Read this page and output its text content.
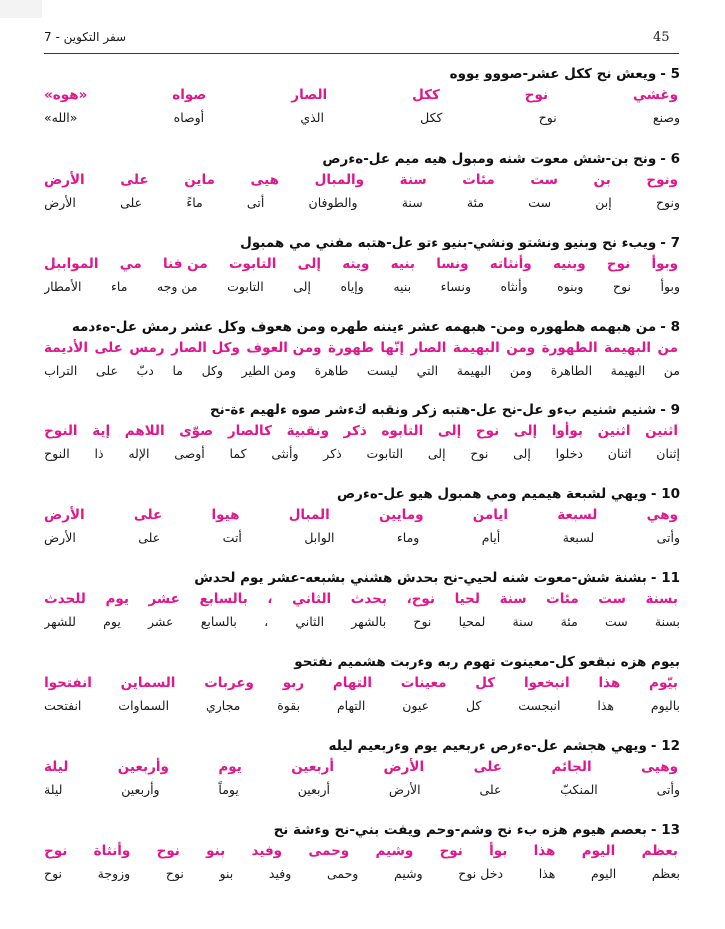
45
سفر التكوين - 7
5 -ويعش نح ككل عشر-صووو يووه
وغشي
نوح
ككل
الصار
صواه
«هوه»
وصنع
نوح
ككل
الذي
أوصاه
«الله»
6 -ونح بن-شش معوت شنه ومبول هيه ميم عل-هءرص
ونوح
بن
ست
مئات
سنة
والمبال
هيى
ماين
على
الأرض
ونوح
إبن
ست
مئة
سنة
والطوفان
أتى
ماءً
على
الأرض
7 -ويبء نح وبنيو ونشتو ونشي-بنيو ءتو عل-هتبه مفني مي همبول
وبوأ
نوح
وبنيه
وأنثاته
ونسا
بنيه
ويته
إلى
التابوت
من فنا
مي
المواببل
وبوأ
نوح
وبنوه
وأنثاه
ونساء
بنيه
وإياه
إلى
التابوت
من وجه
ماء
الأمطار
8 -من هبهمه هطهوره ومن- هبهمه عشر ءيننه طهره ومن هعوف وكل عشر رمش عل-هءدمه
من
البهيمة
الطهورة
ومن
البهيمة
الصار
إنّها
طهورة
ومن العوف
وكل الصار
رمس
على
الأديمة
من
البهيمة
الطاهرة
ومن
البهيمة
التي
ليست
طاهرة
ومن الطير
وكل
ما
دبّ
على
التراب
9 -شنيم شنيم بءو عل-نح عل-هتبه زكر ونقبه كءشر صوه ءلهيم ءة-نح
اثنين
اثنين
بوأوا
إلى
نوح
إلى
التابوه
ذكر
ونقبية
كالصار
صوّى
اللاهم
إية
النوح
إثنان
اثنان
دخلوا
إلى
نوح
إلى
التابوت
ذكر
وأنثى
كما
أوصى
الإله
ذا
النوح
10 -ويهي لشبعة هيميم ومي همبول هيو عل-هءرص
وهي
لسبعة
ايامن
ومايين
المبال
هيوا
على
الأرض
وأتى
لسبعة
أيام
وماء
الوابل
أتت
على
الأرض
11 -بشنة شش-معوت شنه لحيي-نح بحدش هشني بشبعه-عشر يوم لحدش
بسنة
ست
مئات
سنة
لحيا
نوح،
بحدث
الثاني
،
بالسابع
عشر
يوم
للحدث
بسنة
ست
مئة
سنة
لمحيا
نوح
بالشهر
الثاني
،
بالسابع
عشر
يوم
للشهر
بيوم هزه نبقعو كل-معينوت تهوم ربه وءربت هشميم نفتحو
بيّوم
هذا
انبخعوا
كل
معينات
التهام
ربو
وعربات
السماين
انفتحوا
باليوم
هذا
انبجست
كل
عيون
التهام
بقوة
مجاري
السماوات
انفتحت
12 -ويهي هجشم عل-هءرص ءربعيم يوم وءربعيم ليله
وهيى
الجائم
على
الأرض
أربعين
يوم
وأربعين
ليلة
وأتى
المنكبّ
على
الأرض
أربعين
يوماً
وأربعين
ليلة
13 -بعصم هيوم هزه بء نح وشم-وحم ويفت بني-نح وءشة نح
بعظم
اليوم
هذا
بوأ
نوح
وشيم
وحمى
وفيد
بنو
نوح
وأنثاة
نوح
بعظم
اليوم
هذا
دخل نوح
وشيم
وحمى
وفيد
بنو
نوح
وزوجة
نوح
